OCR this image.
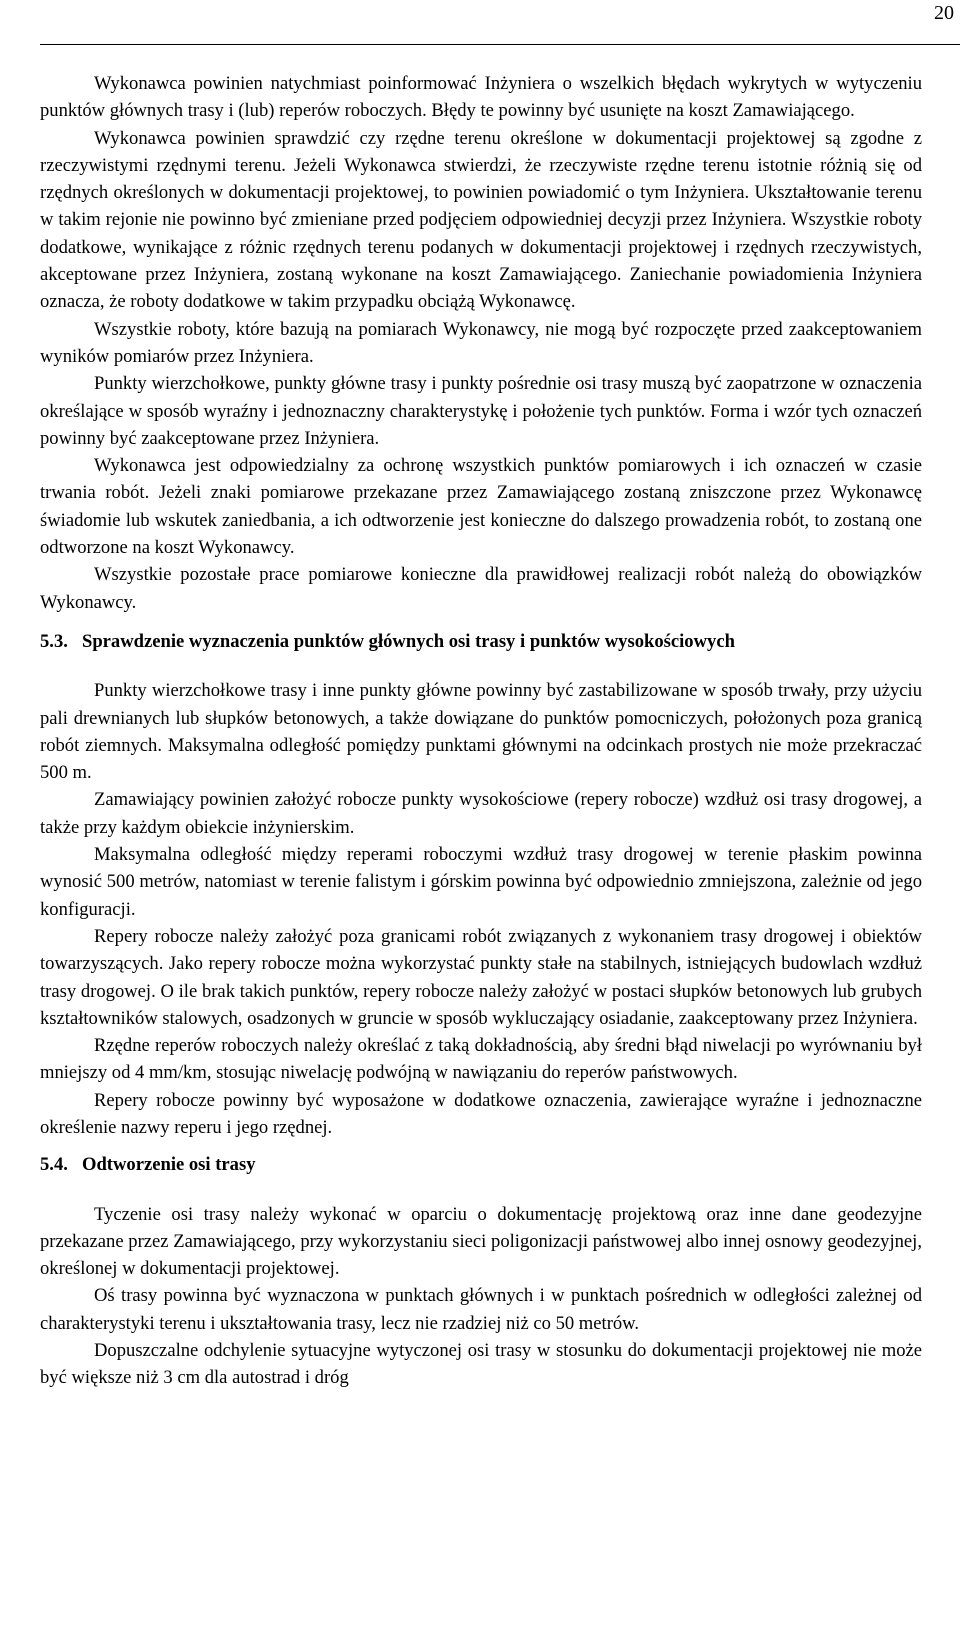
20

Wykonawca powinien natychmiast poinformować Inżyniera o wszelkich błędach wykrytych w wytyczeniu punktów głównych trasy i (lub) reperów roboczych. Błędy te powinny być usunięte na koszt Zamawiającego.

Wykonawca powinien sprawdzić czy rzędne terenu określone w dokumentacji projektowej są zgodne z rzeczywistymi rzędnymi terenu. Jeżeli Wykonawca stwierdzi, że rzeczywiste rzędne terenu istotnie różnią się od rzędnych określonych w dokumentacji projektowej, to powinien powiadomić o tym Inżyniera. Ukształtowanie terenu w takim rejonie nie powinno być zmieniane przed podjęciem odpowiedniej decyzji przez Inżyniera. Wszystkie roboty dodatkowe, wynikające z różnic rzędnych terenu podanych w dokumentacji projektowej i rzędnych rzeczywistych, akceptowane przez Inżyniera, zostaną wykonane na koszt Zamawiającego. Zaniechanie powiadomienia Inżyniera oznacza, że roboty dodatkowe w takim przypadku obciążą Wykonawcę.

Wszystkie roboty, które bazują na pomiarach Wykonawcy, nie mogą być rozpoczęte przed zaakceptowaniem wyników pomiarów przez Inżyniera.

Punkty wierzchołkowe, punkty główne trasy i punkty pośrednie osi trasy muszą być zaopatrzone w oznaczenia określające w sposób wyraźny i jednoznaczny charakterystykę i położenie tych punktów. Forma i wzór tych oznaczeń powinny być zaakceptowane przez Inżyniera.

Wykonawca jest odpowiedzialny za ochronę wszystkich punktów pomiarowych i ich oznaczeń w czasie trwania robót. Jeżeli znaki pomiarowe przekazane przez Zamawiającego zostaną zniszczone przez Wykonawcę świadomie lub wskutek zaniedbania, a ich odtworzenie jest konieczne do dalszego prowadzenia robót, to zostaną one odtworzone na koszt Wykonawcy.

Wszystkie pozostałe prace pomiarowe konieczne dla prawidłowej realizacji robót należą do obowiązków Wykonawcy.

5.3. Sprawdzenie wyznaczenia punktów głównych osi trasy i punktów wysokościowych

Punkty wierzchołkowe trasy i inne punkty główne powinny być zastabilizowane w sposób trwały, przy użyciu pali drewnianych lub słupków betonowych, a także dowiązane do punktów pomocniczych, położonych poza granicą robót ziemnych. Maksymalna odległość pomiędzy punktami głównymi na odcinkach prostych nie może przekraczać 500 m.

Zamawiający powinien założyć robocze punkty wysokościowe (repery robocze) wzdłuż osi trasy drogowej, a także przy każdym obiekcie inżynierskim.

Maksymalna odległość między reperami roboczymi wzdłuż trasy drogowej w terenie płaskim powinna wynosić 500 metrów, natomiast w terenie falistym i górskim powinna być odpowiednio zmniejszona, zależnie od jego konfiguracji.

Repery robocze należy założyć poza granicami robót związanych z wykonaniem trasy drogowej i obiektów towarzyszących. Jako repery robocze można wykorzystać punkty stałe na stabilnych, istniejących budowlach wzdłuż trasy drogowej. O ile brak takich punktów, repery robocze należy założyć w postaci słupków betonowych lub grubych kształtowników stalowych, osadzonych w gruncie w sposób wykluczający osiadanie, zaakceptowany przez Inżyniera.

Rzędne reperów roboczych należy określać z taką dokładnością, aby średni błąd niwelacji po wyrównaniu był mniejszy od 4 mm/km, stosując niwelację podwójną w nawiązaniu do reperów państwowych.

Repery robocze powinny być wyposażone w dodatkowe oznaczenia, zawierające wyraźne i jednoznaczne określenie nazwy reperu i jego rzędnej.

5.4. Odtworzenie osi trasy

Tyczenie osi trasy należy wykonać w oparciu o dokumentację projektową oraz inne dane geodezyjne przekazane przez Zamawiającego, przy wykorzystaniu sieci poligonizacji państwowej albo innej osnowy geodezyjnej, określonej w dokumentacji projektowej.

Oś trasy powinna być wyznaczona w punktach głównych i w punktach pośrednich w odległości zależnej od charakterystyki terenu i ukształtowania trasy, lecz nie rzadziej niż co 50 metrów.

Dopuszczalne odchylenie sytuacyjne wytyczonej osi trasy w stosunku do dokumentacji projektowej nie może być większe niż 3 cm dla autostrad i dróg
